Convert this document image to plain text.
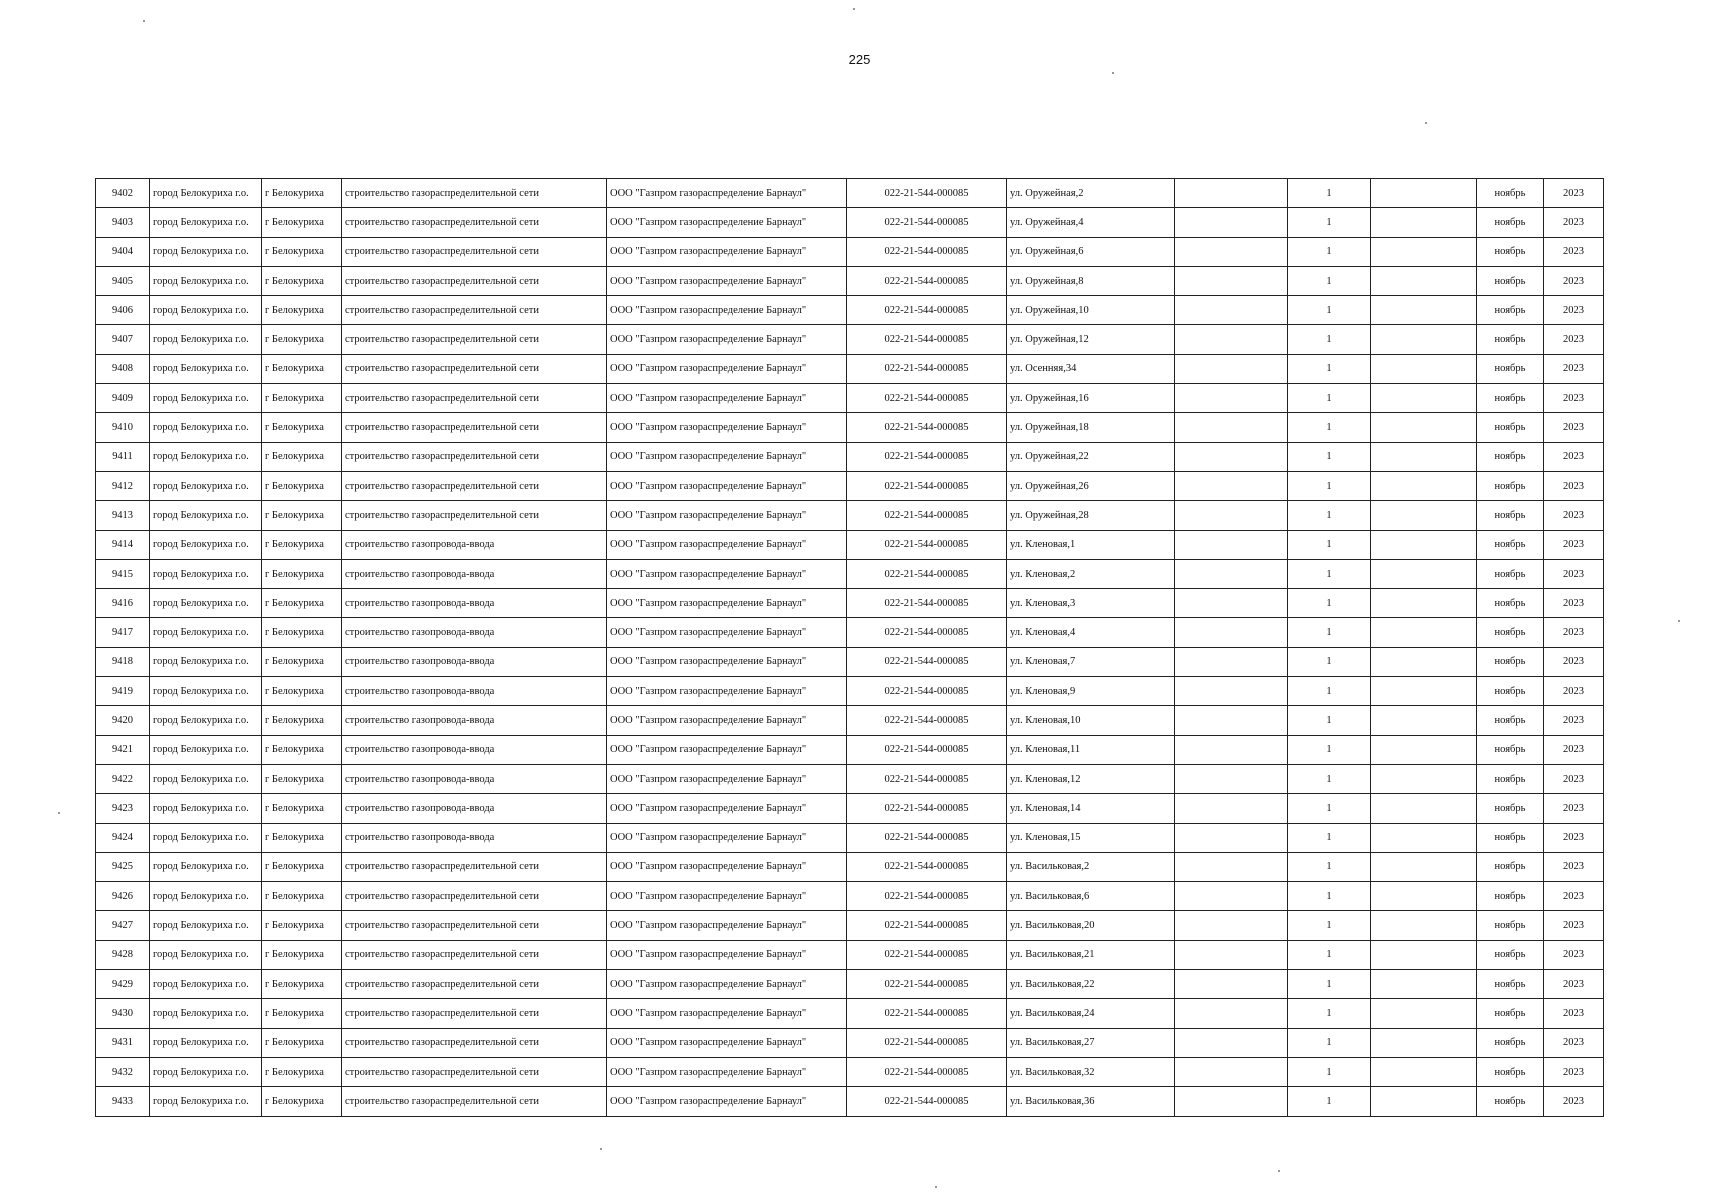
225
9402	город Белокуриха г.о.	г Белокуриха	строительство газораспределительной сети	ООО "Газпром газораспределение Барнаул"	022-21-544-000085	ул. Оружейная,2		1		ноябрь	2023
9403	город Белокуриха г.о.	г Белокуриха	строительство газораспределительной сети	ООО "Газпром газораспределение Барнаул"	022-21-544-000085	ул. Оружейная,4		1		ноябрь	2023
9404	город Белокуриха г.о.	г Белокуриха	строительство газораспределительной сети	ООО "Газпром газораспределение Барнаул"	022-21-544-000085	ул. Оружейная,6		1		ноябрь	2023
9405	город Белокуриха г.о.	г Белокуриха	строительство газораспределительной сети	ООО "Газпром газораспределение Барнаул"	022-21-544-000085	ул. Оружейная,8		1		ноябрь	2023
9406	город Белокуриха г.о.	г Белокуриха	строительство газораспределительной сети	ООО "Газпром газораспределение Барнаул"	022-21-544-000085	ул. Оружейная,10		1		ноябрь	2023
9407	город Белокуриха г.о.	г Белокуриха	строительство газораспределительной сети	ООО "Газпром газораспределение Барнаул"	022-21-544-000085	ул. Оружейная,12		1		ноябрь	2023
9408	город Белокуриха г.о.	г Белокуриха	строительство газораспределительной сети	ООО "Газпром газораспределение Барнаул"	022-21-544-000085	ул. Осенняя,34		1		ноябрь	2023
9409	город Белокуриха г.о.	г Белокуриха	строительство газораспределительной сети	ООО "Газпром газораспределение Барнаул"	022-21-544-000085	ул. Оружейная,16		1		ноябрь	2023
9410	город Белокуриха г.о.	г Белокуриха	строительство газораспределительной сети	ООО "Газпром газораспределение Барнаул"	022-21-544-000085	ул. Оружейная,18		1		ноябрь	2023
9411	город Белокуриха г.о.	г Белокуриха	строительство газораспределительной сети	ООО "Газпром газораспределение Барнаул"	022-21-544-000085	ул. Оружейная,22		1		ноябрь	2023
9412	город Белокуриха г.о.	г Белокуриха	строительство газораспределительной сети	ООО "Газпром газораспределение Барнаул"	022-21-544-000085	ул. Оружейная,26		1		ноябрь	2023
9413	город Белокуриха г.о.	г Белокуриха	строительство газораспределительной сети	ООО "Газпром газораспределение Барнаул"	022-21-544-000085	ул. Оружейная,28		1		ноябрь	2023
9414	город Белокуриха г.о.	г Белокуриха	строительство газопровода-ввода	ООО "Газпром газораспределение Барнаул"	022-21-544-000085	ул. Кленовая,1		1		ноябрь	2023
9415	город Белокуриха г.о.	г Белокуриха	строительство газопровода-ввода	ООО "Газпром газораспределение Барнаул"	022-21-544-000085	ул. Кленовая,2		1		ноябрь	2023
9416	город Белокуриха г.о.	г Белокуриха	строительство газопровода-ввода	ООО "Газпром газораспределение Барнаул"	022-21-544-000085	ул. Кленовая,3		1		ноябрь	2023
9417	город Белокуриха г.о.	г Белокуриха	строительство газопровода-ввода	ООО "Газпром газораспределение Барнаул"	022-21-544-000085	ул. Кленовая,4		1		ноябрь	2023
9418	город Белокуриха г.о.	г Белокуриха	строительство газопровода-ввода	ООО "Газпром газораспределение Барнаул"	022-21-544-000085	ул. Кленовая,7		1		ноябрь	2023
9419	город Белокуриха г.о.	г Белокуриха	строительство газопровода-ввода	ООО "Газпром газораспределение Барнаул"	022-21-544-000085	ул. Кленовая,9		1		ноябрь	2023
9420	город Белокуриха г.о.	г Белокуриха	строительство газопровода-ввода	ООО "Газпром газораспределение Барнаул"	022-21-544-000085	ул. Кленовая,10		1		ноябрь	2023
9421	город Белокуриха г.о.	г Белокуриха	строительство газопровода-ввода	ООО "Газпром газораспределение Барнаул"	022-21-544-000085	ул. Кленовая,11		1		ноябрь	2023
9422	город Белокуриха г.о.	г Белокуриха	строительство газопровода-ввода	ООО "Газпром газораспределение Барнаул"	022-21-544-000085	ул. Кленовая,12		1		ноябрь	2023
9423	город Белокуриха г.о.	г Белокуриха	строительство газопровода-ввода	ООО "Газпром газораспределение Барнаул"	022-21-544-000085	ул. Кленовая,14		1		ноябрь	2023
9424	город Белокуриха г.о.	г Белокуриха	строительство газопровода-ввода	ООО "Газпром газораспределение Барнаул"	022-21-544-000085	ул. Кленовая,15		1		ноябрь	2023
9425	город Белокуриха г.о.	г Белокуриха	строительство газораспределительной сети	ООО "Газпром газораспределение Барнаул"	022-21-544-000085	ул. Васильковая,2		1		ноябрь	2023
9426	город Белокуриха г.о.	г Белокуриха	строительство газораспределительной сети	ООО "Газпром газораспределение Барнаул"	022-21-544-000085	ул. Васильковая,6		1		ноябрь	2023
9427	город Белокуриха г.о.	г Белокуриха	строительство газораспределительной сети	ООО "Газпром газораспределение Барнаул"	022-21-544-000085	ул. Васильковая,20		1		ноябрь	2023
9428	город Белокуриха г.о.	г Белокуриха	строительство газораспределительной сети	ООО "Газпром газораспределение Барнаул"	022-21-544-000085	ул. Васильковая,21		1		ноябрь	2023
9429	город Белокуриха г.о.	г Белокуриха	строительство газораспределительной сети	ООО "Газпром газораспределение Барнаул"	022-21-544-000085	ул. Васильковая,22		1		ноябрь	2023
9430	город Белокуриха г.о.	г Белокуриха	строительство газораспределительной сети	ООО "Газпром газораспределение Барнаул"	022-21-544-000085	ул. Васильковая,24		1		ноябрь	2023
9431	город Белокуриха г.о.	г Белокуриха	строительство газораспределительной сети	ООО "Газпром газораспределение Барнаул"	022-21-544-000085	ул. Васильковая,27		1		ноябрь	2023
9432	город Белокуриха г.о.	г Белокуриха	строительство газораспределительной сети	ООО "Газпром газораспределение Барнаул"	022-21-544-000085	ул. Васильковая,32		1		ноябрь	2023
9433	город Белокуриха г.о.	г Белокуриха	строительство газораспределительной сети	ООО "Газпром газораспределение Барнаул"	022-21-544-000085	ул. Васильковая,36		1		ноябрь	2023
